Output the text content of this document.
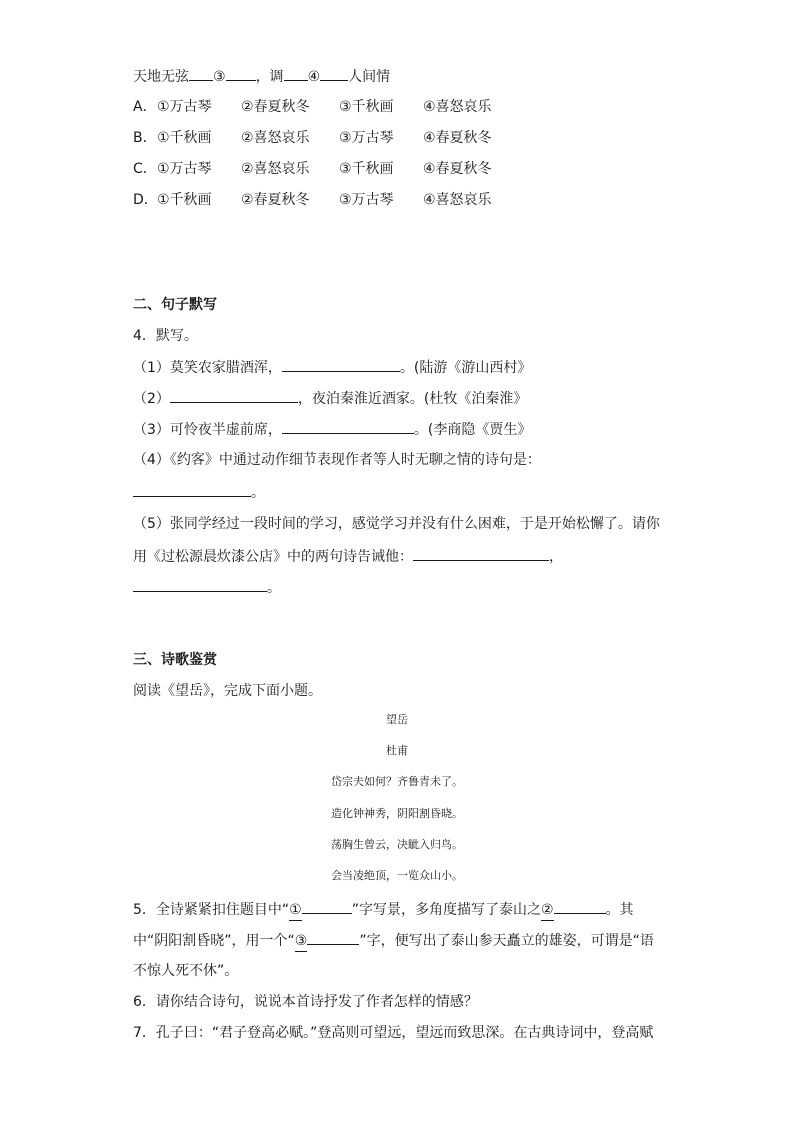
天地无弦 ③ ，调 ④ 人间情
A．①万古琴 ②春夏秋冬 ③千秋画 ④喜怒哀乐
B．①千秋画 ②喜怒哀乐 ③万古琴 ④春夏秋冬
C．①万古琴 ②喜怒哀乐 ③千秋画 ④春夏秋冬
D．①千秋画 ②春夏秋冬 ③万古琴 ④喜怒哀乐
二、句子默写
4．默写。
（1）莫笑农家腊酒浑，	。(陆游《游山西村》
（2）	，夜泊秦淮近酒家。(杜牧《泊秦淮》
（3）可怜夜半虚前席，	。(李商隐《贾生》
（4）《约客》中通过动作细节表现作者等人时无聊之情的诗句是：
。
（5）张同学经过一段时间的学习，感觉学习并没有什么困难，于是开始松懈了。请你
用《过松源晨炊漆公店》中的两句诗告诫他：	，
。
三、诗歌鉴赏
阅读《望岳》，完成下面小题。
望岳
杜甫
岱宗夫如何？齐鲁青未了。
造化钟神秀，阴阳割昏晓。
荡胸生曾云，决眦入归鸟。
会当凌绝顶，一览众山小。
5．全诗紧紧扣住题目中“①	”字写景，多角度描写了泰山之②	。其
中“阴阳割昏晓”，用一个“③	”字，便写出了泰山参天矗立的雄姿，可谓是“语
不惊人死不休”。
6．请你结合诗句，说说本首诗抒发了作者怎样的情感？
7．孔子曰：“君子登高必赋。”登高则可望远，望远而致思深。在古典诗词中，登高赋
